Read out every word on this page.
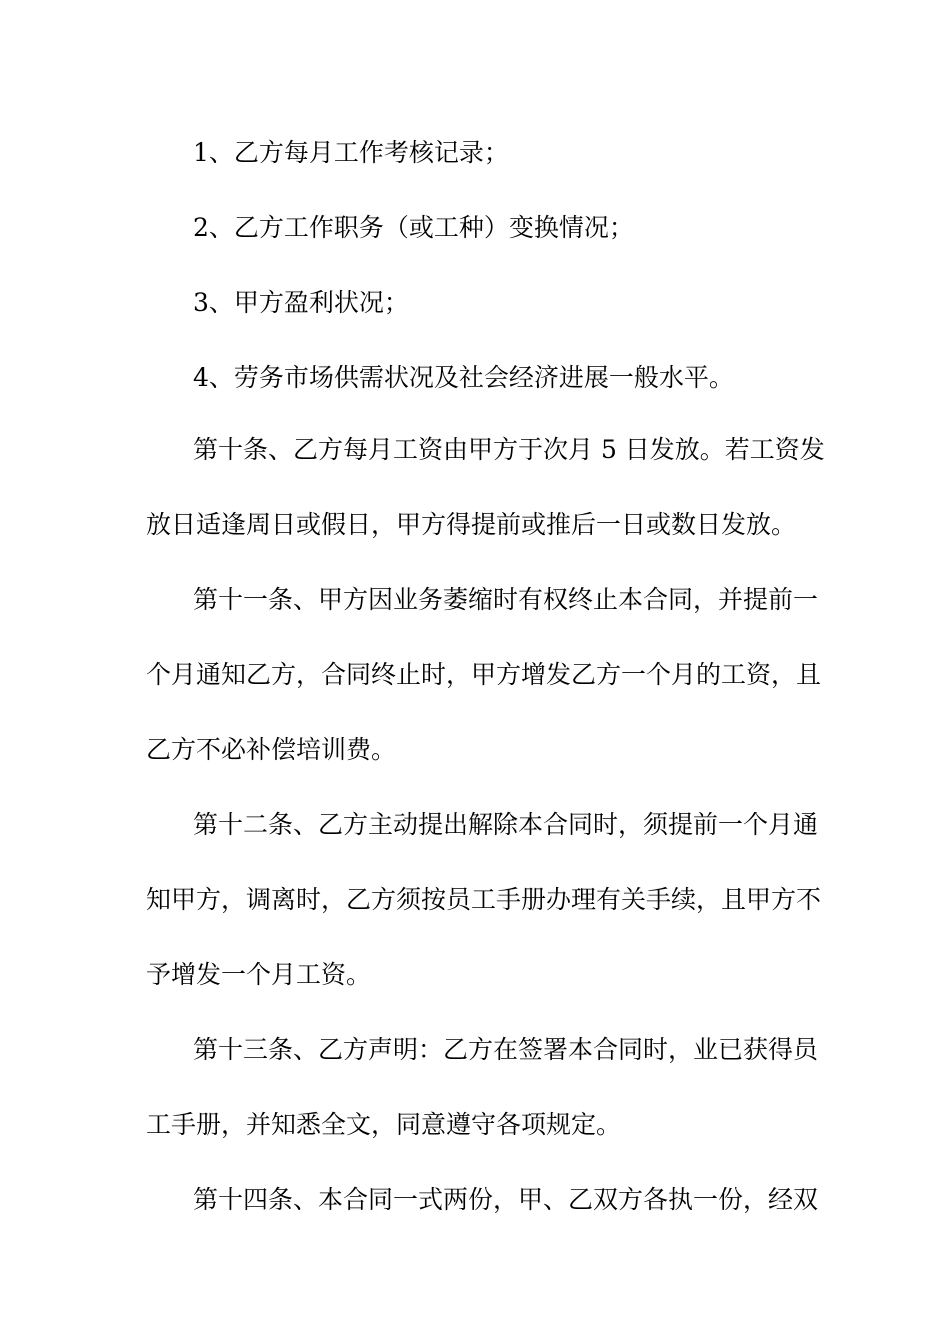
1、乙方每月工作考核记录；
2、乙方工作职务（或工种）变换情况；
3、甲方盈利状况；
4、劳务市场供需状况及社会经济进展一般水平。
第十条、乙方每月工资由甲方于次月 5 日发放。若工资发
放日适逢周日或假日，甲方得提前或推后一日或数日发放。
第十一条、甲方因业务萎缩时有权终止本合同，并提前一
个月通知乙方，合同终止时，甲方增发乙方一个月的工资，且
乙方不必补偿培训费。
第十二条、乙方主动提出解除本合同时，须提前一个月通
知甲方，调离时，乙方须按员工手册办理有关手续，且甲方不
予增发一个月工资。
第十三条、乙方声明：乙方在签署本合同时，业已获得员
工手册，并知悉全文，同意遵守各项规定。
第十四条、本合同一式两份，甲、乙双方各执一份，经双
